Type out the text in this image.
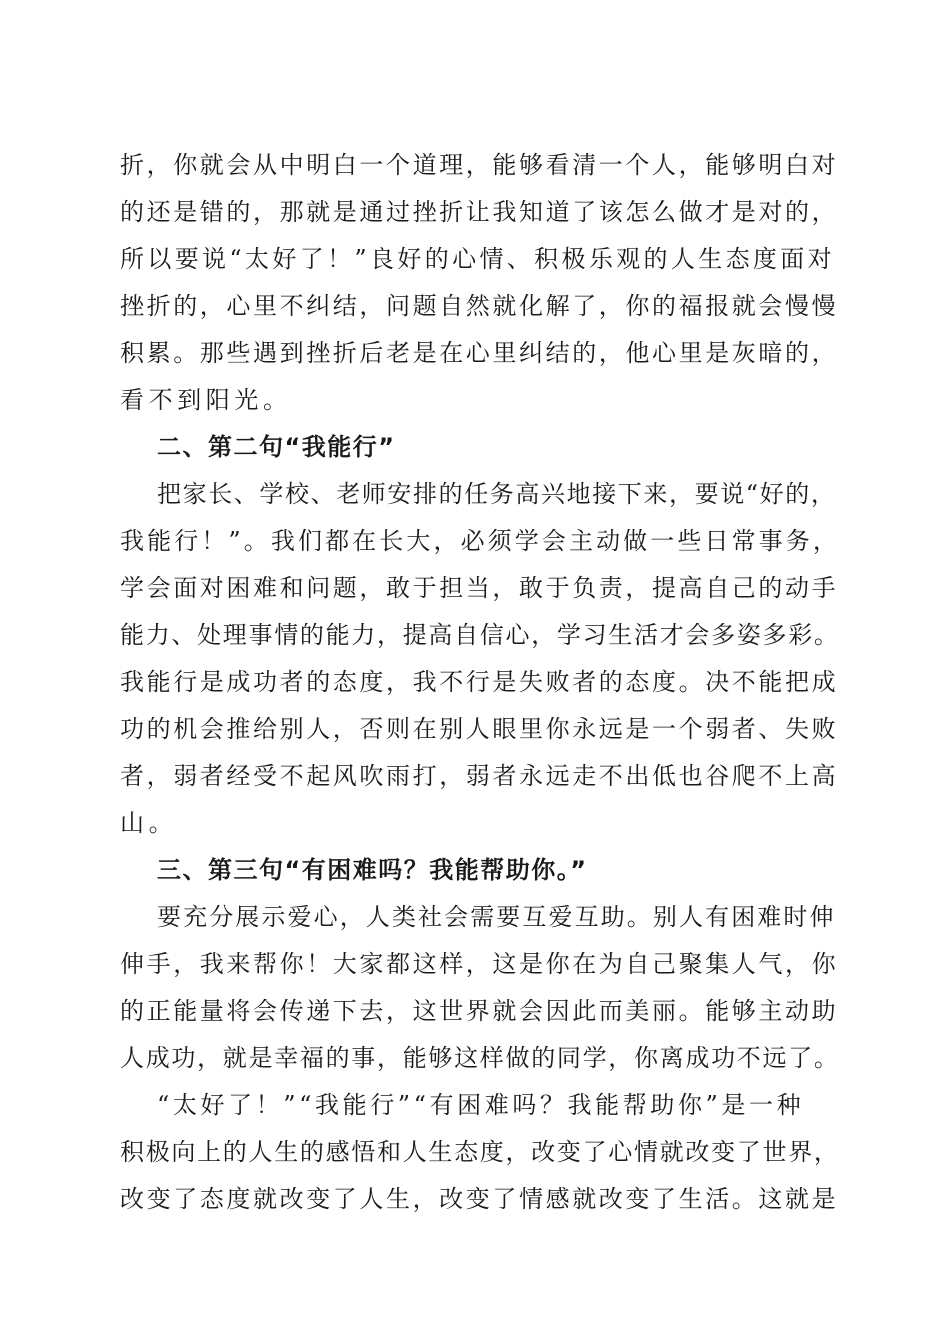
折，你就会从中明白一个道理，能够看清一个人，能够明白对
的还是错的，那就是通过挫折让我知道了该怎么做才是对的，
所以要说“太好了！”良好的心情、积极乐观的人生态度面对
挫折的，心里不纠结，问题自然就化解了，你的福报就会慢慢
积累。那些遇到挫折后老是在心里纠结的，他心里是灰暗的，
看不到阳光。
二、第二句“我能行”
把家长、学校、老师安排的任务高兴地接下来，要说“好的，
我能行！”。我们都在长大，必须学会主动做一些日常事务，
学会面对困难和问题，敢于担当，敢于负责，提高自己的动手
能力、处理事情的能力，提高自信心，学习生活才会多姿多彩。
我能行是成功者的态度，我不行是失败者的态度。决不能把成
功的机会推给别人，否则在别人眼里你永远是一个弱者、失败
者，弱者经受不起风吹雨打，弱者永远走不出低也谷爬不上高
山。
三、第三句“有困难吗？我能帮助你。”
要充分展示爱心，人类社会需要互爱互助。别人有困难时伸
伸手，我来帮你！大家都这样，这是你在为自己聚集人气，你
的正能量将会传递下去，这世界就会因此而美丽。能够主动助
人成功，就是幸福的事，能够这样做的同学，你离成功不远了。
“太好了！”“我能行”“有困难吗？我能帮助你”是一种
积极向上的人生的感悟和人生态度，改变了心情就改变了世界，
改变了态度就改变了人生，改变了情感就改变了生活。这就是
